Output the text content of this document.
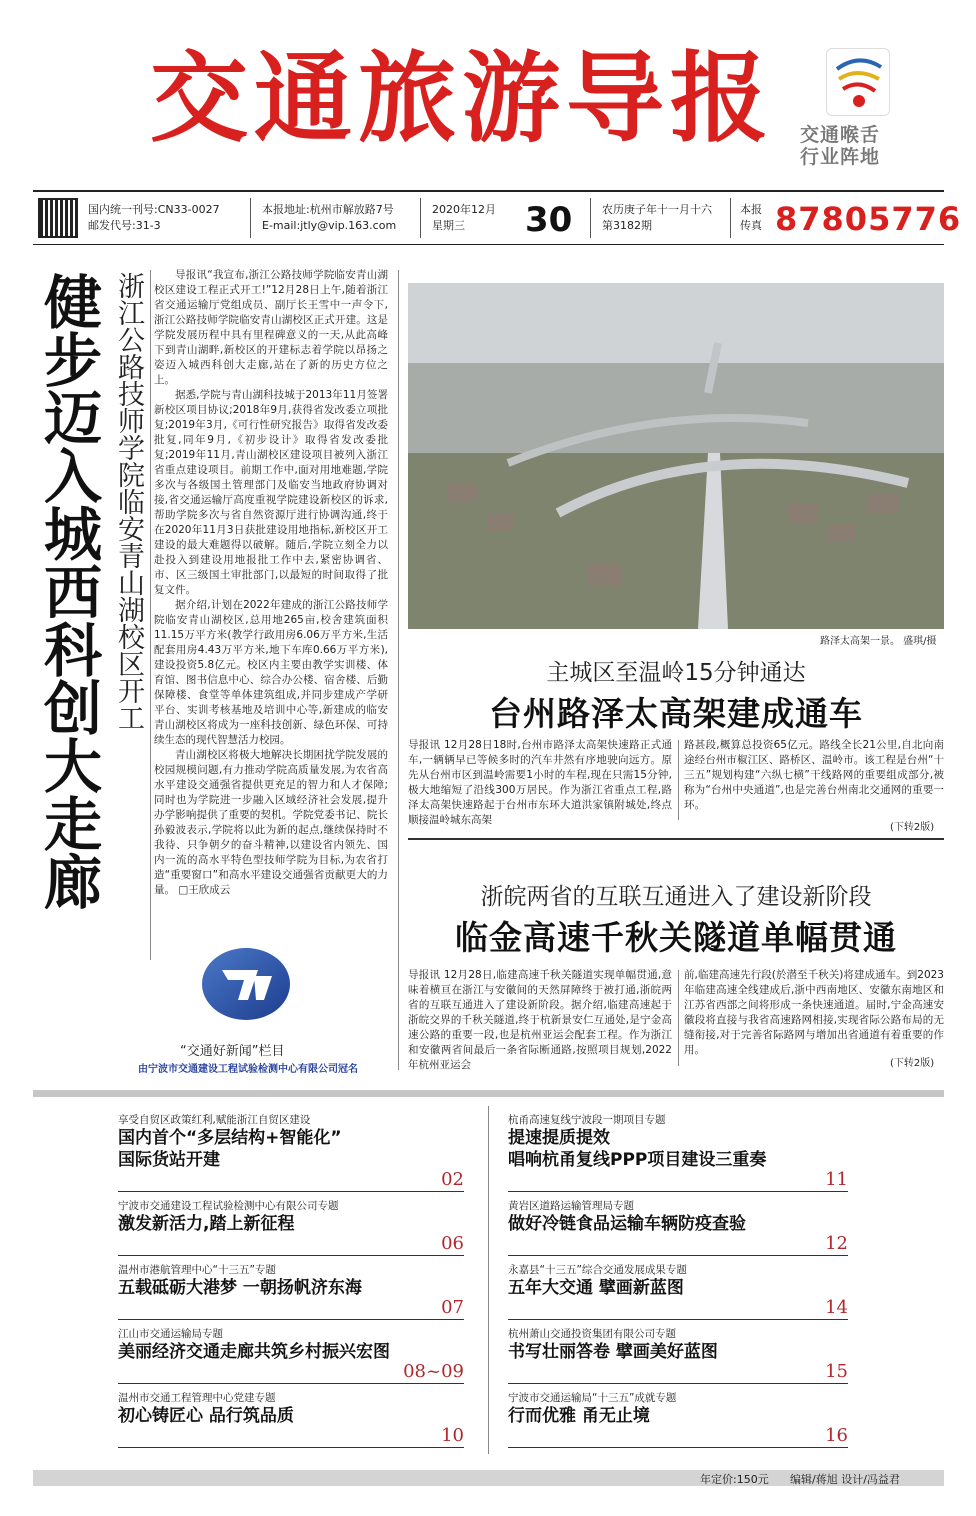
交通旅游导报 交通喉舌
行业阵地
国内统一刊号:CN33-0027
邮发代号:31-3
本报地址:杭州市解放路7号
E-mail:jtly@vip.163.com
2020年12月
星期三	30	农历庚子年十一月十六
第3182期
本报
传真 87805776
健步迈入城西科创大走廊 浙江公路技师学院临安青山湖校区开工	导报讯“我宣布,浙江公路技师学院临安青山湖校区建设工程正式开工!”12月28日上午,随着浙江省交通运输厅党组成员、副厅长王雪中一声令下,浙江公路技师学院临安青山湖校区正式开建。这是学院发展历程中具有里程碑意义的一天,从此高峰下到青山湖畔,新校区的开建标志着学院以昂扬之姿迈入城西科创大走廊,站在了新的历史方位之上。

据悉,学院与青山湖科技城于2013年11月签署新校区项目协议;2018年9月,获得省发改委立项批复;2019年3月,《可行性研究报告》取得省发改委批复,同年9月,《初步设计》取得省发改委批复;2019年11月,青山湖校区建设项目被列入浙江省重点建设项目。前期工作中,面对用地难题,学院多次与各级国土管理部门及临安当地政府协调对接,省交通运输厅高度重视学院建设新校区的诉求,帮助学院多次与省自然资源厅进行协调沟通,终于在2020年11月3日获批建设用地指标,新校区开工建设的最大难题得以破解。随后,学院立刻全力以赴投入到建设用地报批工作中去,紧密协调省、市、区三级国土审批部门,以最短的时间取得了批复文件。

据介绍,计划在2022年建成的浙江公路技师学院临安青山湖校区,总用地265亩,校舍建筑面积11.15万平方米(教学行政用房6.06万平方米,生活配套用房4.43万平方米,地下车库0.66万平方米),建设投资5.8亿元。校区内主要由教学实训楼、体育馆、图书信息中心、综合办公楼、宿舍楼、后勤保障楼、食堂等单体建筑组成,并同步建成产学研平台、实训考核基地及培训中心等,新建成的临安青山湖校区将成为一座科技创新、绿色环保、可持续生态的现代智慧活力校园。

青山湖校区将极大地解决长期困扰学院发展的校园规模问题,有力推动学院高质量发展,为农省高水平建设交通强省提供更充足的智力和人才保障;同时也为学院进一步融入区域经济社会发展,提升办学影响提供了重要的契机。学院党委书记、院长孙毅波表示,学院将以此为新的起点,继续保持时不我待、只争朝夕的奋斗精神,以建设省内领先、国内一流的高水平特色型技师学院为目标,为农省打造“重要窗口”和高水平建设交通强省贡献更大的力量。 □王欣成云

“交通好新闻”栏目
由宁波市交通建设工程试验检测中心有限公司冠名
路泽太高架一景。 盛琪/摄
主城区至温岭15分钟通达
台州路泽太高架建成通车
导报讯 12月28日18时,台州市路泽太高架快速路正式通车,一辆辆早已等候多时的汽车井然有序地驶向远方。原先从台州市区到温岭需要1小时的车程,现在只需15分钟,极大地缩短了沿线300万居民。作为浙江省重点工程,路泽太高架快速路起于台州市东环大道洪家镇附城处,终点顺接温岭城东高架
路甚段,概算总投资65亿元。路线全长21公里,自北向南途经台州市椒江区、路桥区、温岭市。该工程是台州“十三五”规划构建“六纵七横”干线路网的重要组成部分,被称为“台州中央通道”,也是完善台州南北交通网的重要一环。
(下转2版)
浙皖两省的互联互通进入了建设新阶段
临金高速千秋关隧道单幅贯通
导报讯 12月28日,临建高速千秋关隧道实现单幅贯通,意味着横亘在浙江与安徽间的天然屏障终于被打通,浙皖两省的互联互通进入了建设新阶段。据介绍,临建高速起于浙皖交界的千秋关隧道,终于杭新景安仁互通处,是宁金高速公路的重要一段,也是杭州亚运会配套工程。作为浙江和安徽两省间最后一条省际断通路,按照项目规划,2022年杭州亚运会
前,临建高速先行段(於潜至千秋关)将建成通车。到2023年临建高速全线建成后,浙中西南地区、安徽东南地区和江苏省西部之间将形成一条快速通道。届时,宁金高速安徽段将直接与我省高速路网相接,实现省际公路布局的无缝衔接,对于完善省际路网与增加出省通道有着重要的作用。
(下转2版)
享受自贸区政策红利,赋能浙江自贸区建设
国内首个“多层结构+智能化”
国际货站开建
02
宁波市交通建设工程试验检测中心有限公司专题
激发新活力,踏上新征程
06
温州市港航管理中心“十三五”专题
五载砥砺大港梦 一朝扬帆济东海
07
江山市交通运输局专题
美丽经济交通走廊共筑乡村振兴宏图
08~09
温州市交通工程管理中心党建专题
初心铸匠心 品行筑品质
10
杭甬高速复线宁波段一期项目专题
提速提质提效
唱响杭甬复线PPP项目建设三重奏
11
黄岩区道路运输管理局专题
做好冷链食品运输车辆防疫查验
12
永嘉县“十三五”综合交通发展成果专题
五年大交通 擘画新蓝图
14
杭州萧山交通投资集团有限公司专题
书写壮丽答卷 擘画美好蓝图
15
宁波市交通运输局“十三五”成就专题
行而优雅 甬无止境
16
年定价:150元 编辑/蒋旭 设计/冯益君
